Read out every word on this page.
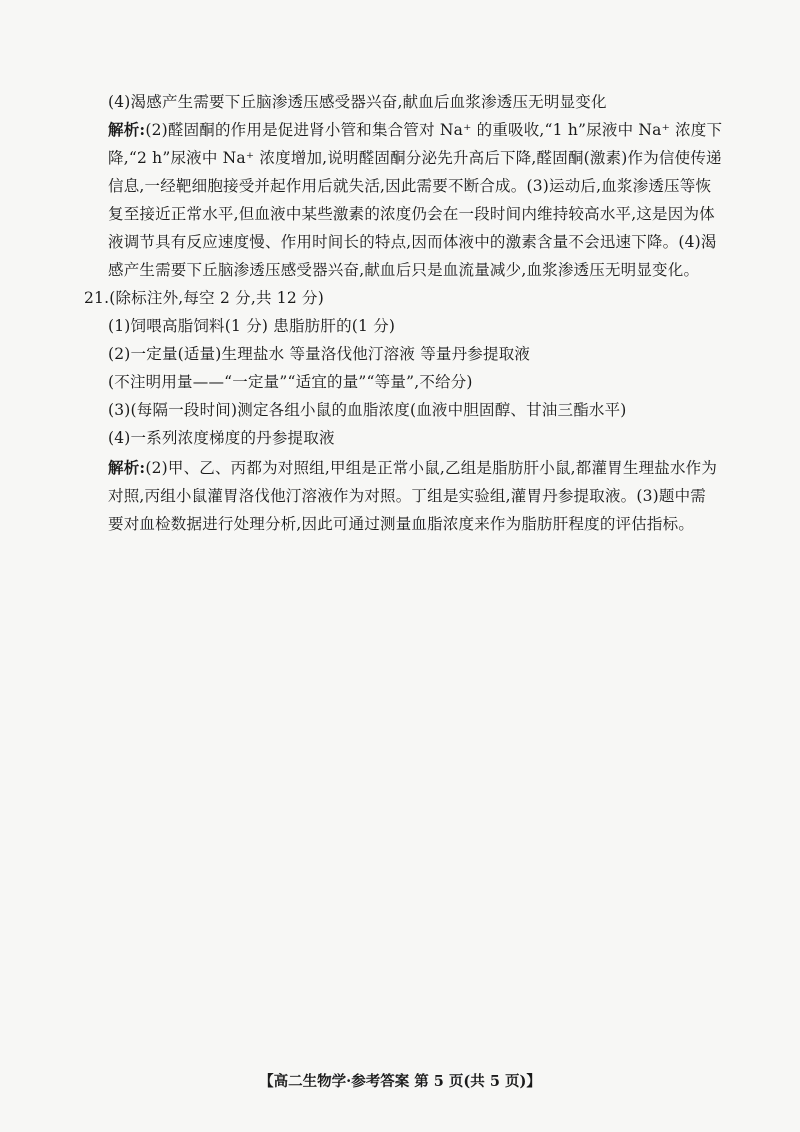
(4)渴感产生需要下丘脑渗透压感受器兴奋,献血后血浆渗透压无明显变化
解析:(2)醛固酮的作用是促进肾小管和集合管对 Na⁺ 的重吸收,“1 h”尿液中 Na⁺ 浓度下
降,“2 h”尿液中 Na⁺ 浓度增加,说明醛固酮分泌先升高后下降,醛固酮(激素)作为信使传递
信息,一经靶细胞接受并起作用后就失活,因此需要不断合成。(3)运动后,血浆渗透压等恢
复至接近正常水平,但血液中某些激素的浓度仍会在一段时间内维持较高水平,这是因为体
液调节具有反应速度慢、作用时间长的特点,因而体液中的激素含量不会迅速下降。(4)渴
感产生需要下丘脑渗透压感受器兴奋,献血后只是血流量减少,血浆渗透压无明显变化。
21.(除标注外,每空 2 分,共 12 分)
(1)饲喂高脂饲料(1 分) 患脂肪肝的(1 分)
(2)一定量(适量)生理盐水 等量洛伐他汀溶液 等量丹参提取液
(不注明用量——“一定量”“适宜的量”“等量”,不给分)
(3)(每隔一段时间)测定各组小鼠的血脂浓度(血液中胆固醇、甘油三酯水平)
(4)一系列浓度梯度的丹参提取液
解析:(2)甲、乙、丙都为对照组,甲组是正常小鼠,乙组是脂肪肝小鼠,都灌胃生理盐水作为
对照,丙组小鼠灌胃洛伐他汀溶液作为对照。丁组是实验组,灌胃丹参提取液。(3)题中需
要对血检数据进行处理分析,因此可通过测量血脂浓度来作为脂肪肝程度的评估指标。
【高二生物学·参考答案 第 5 页(共 5 页)】
